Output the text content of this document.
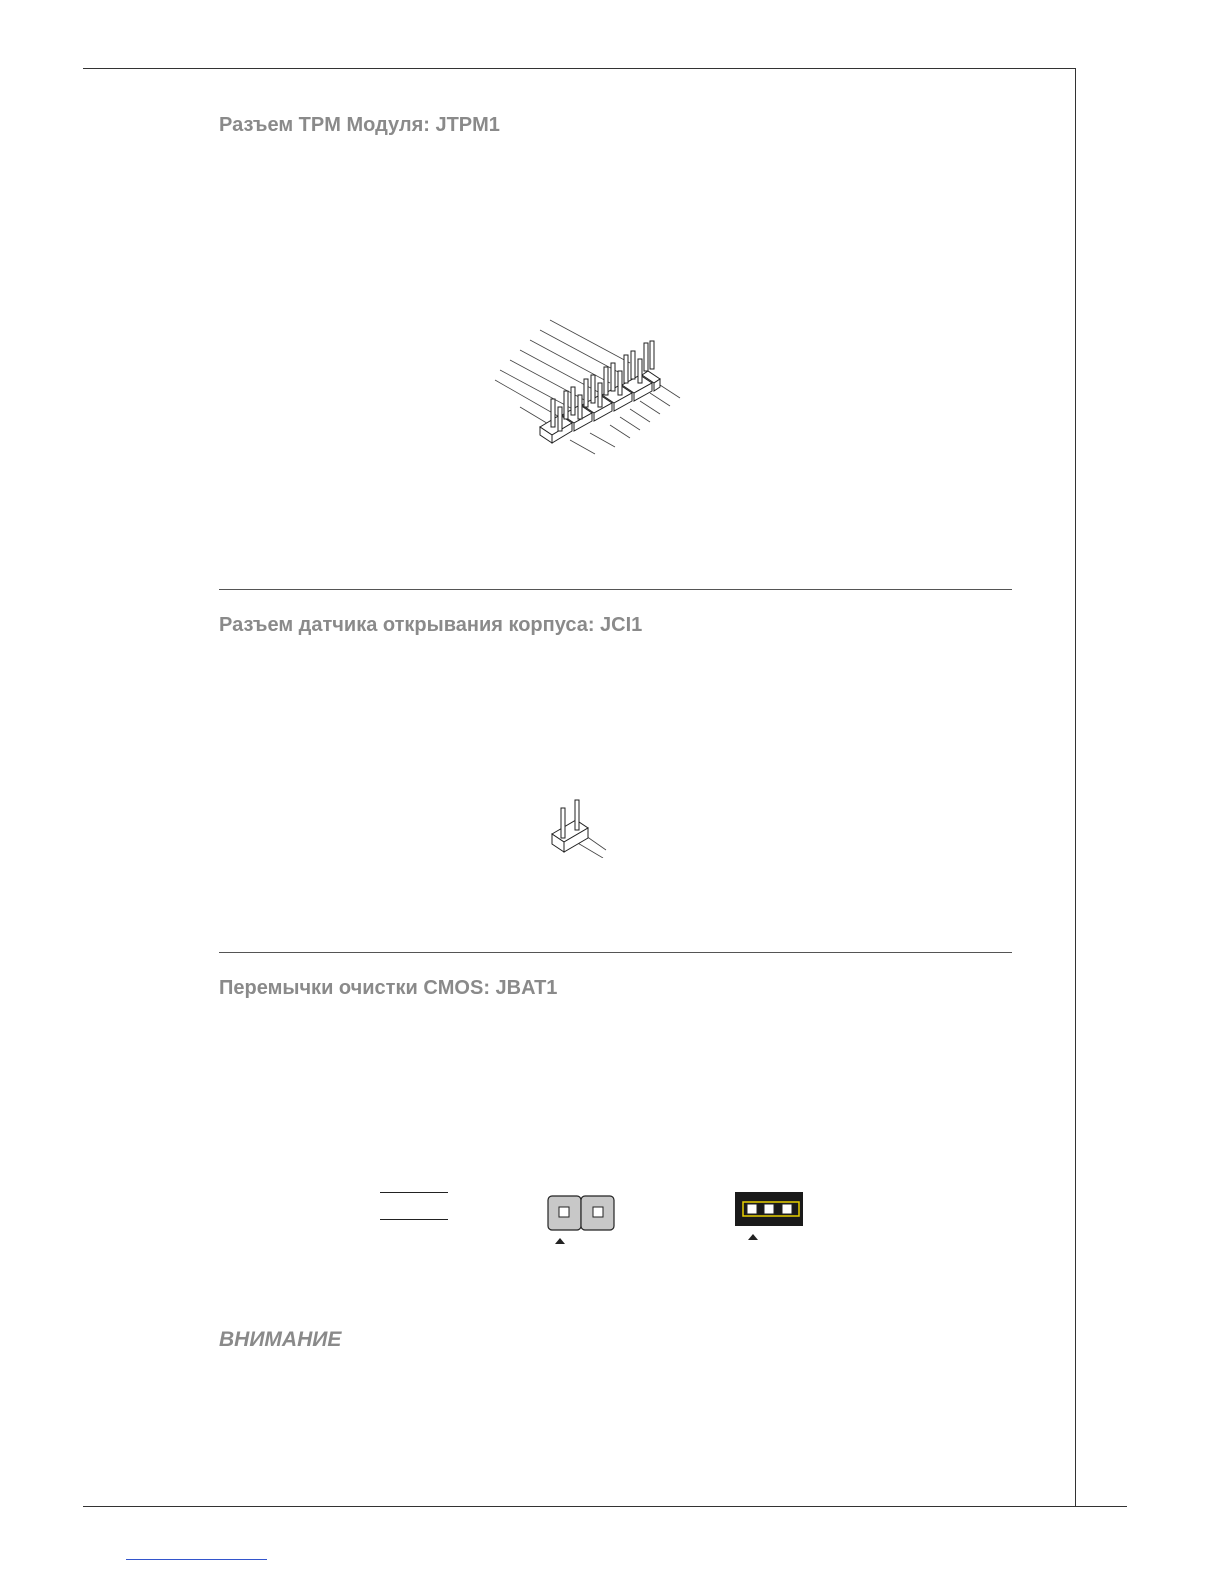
Разъем TPM Модуля: JTPM1
Разъем датчика открывания корпуса: JCI1
Перемычки очистки CMOS: JBAT1
ВНИМАНИЕ
